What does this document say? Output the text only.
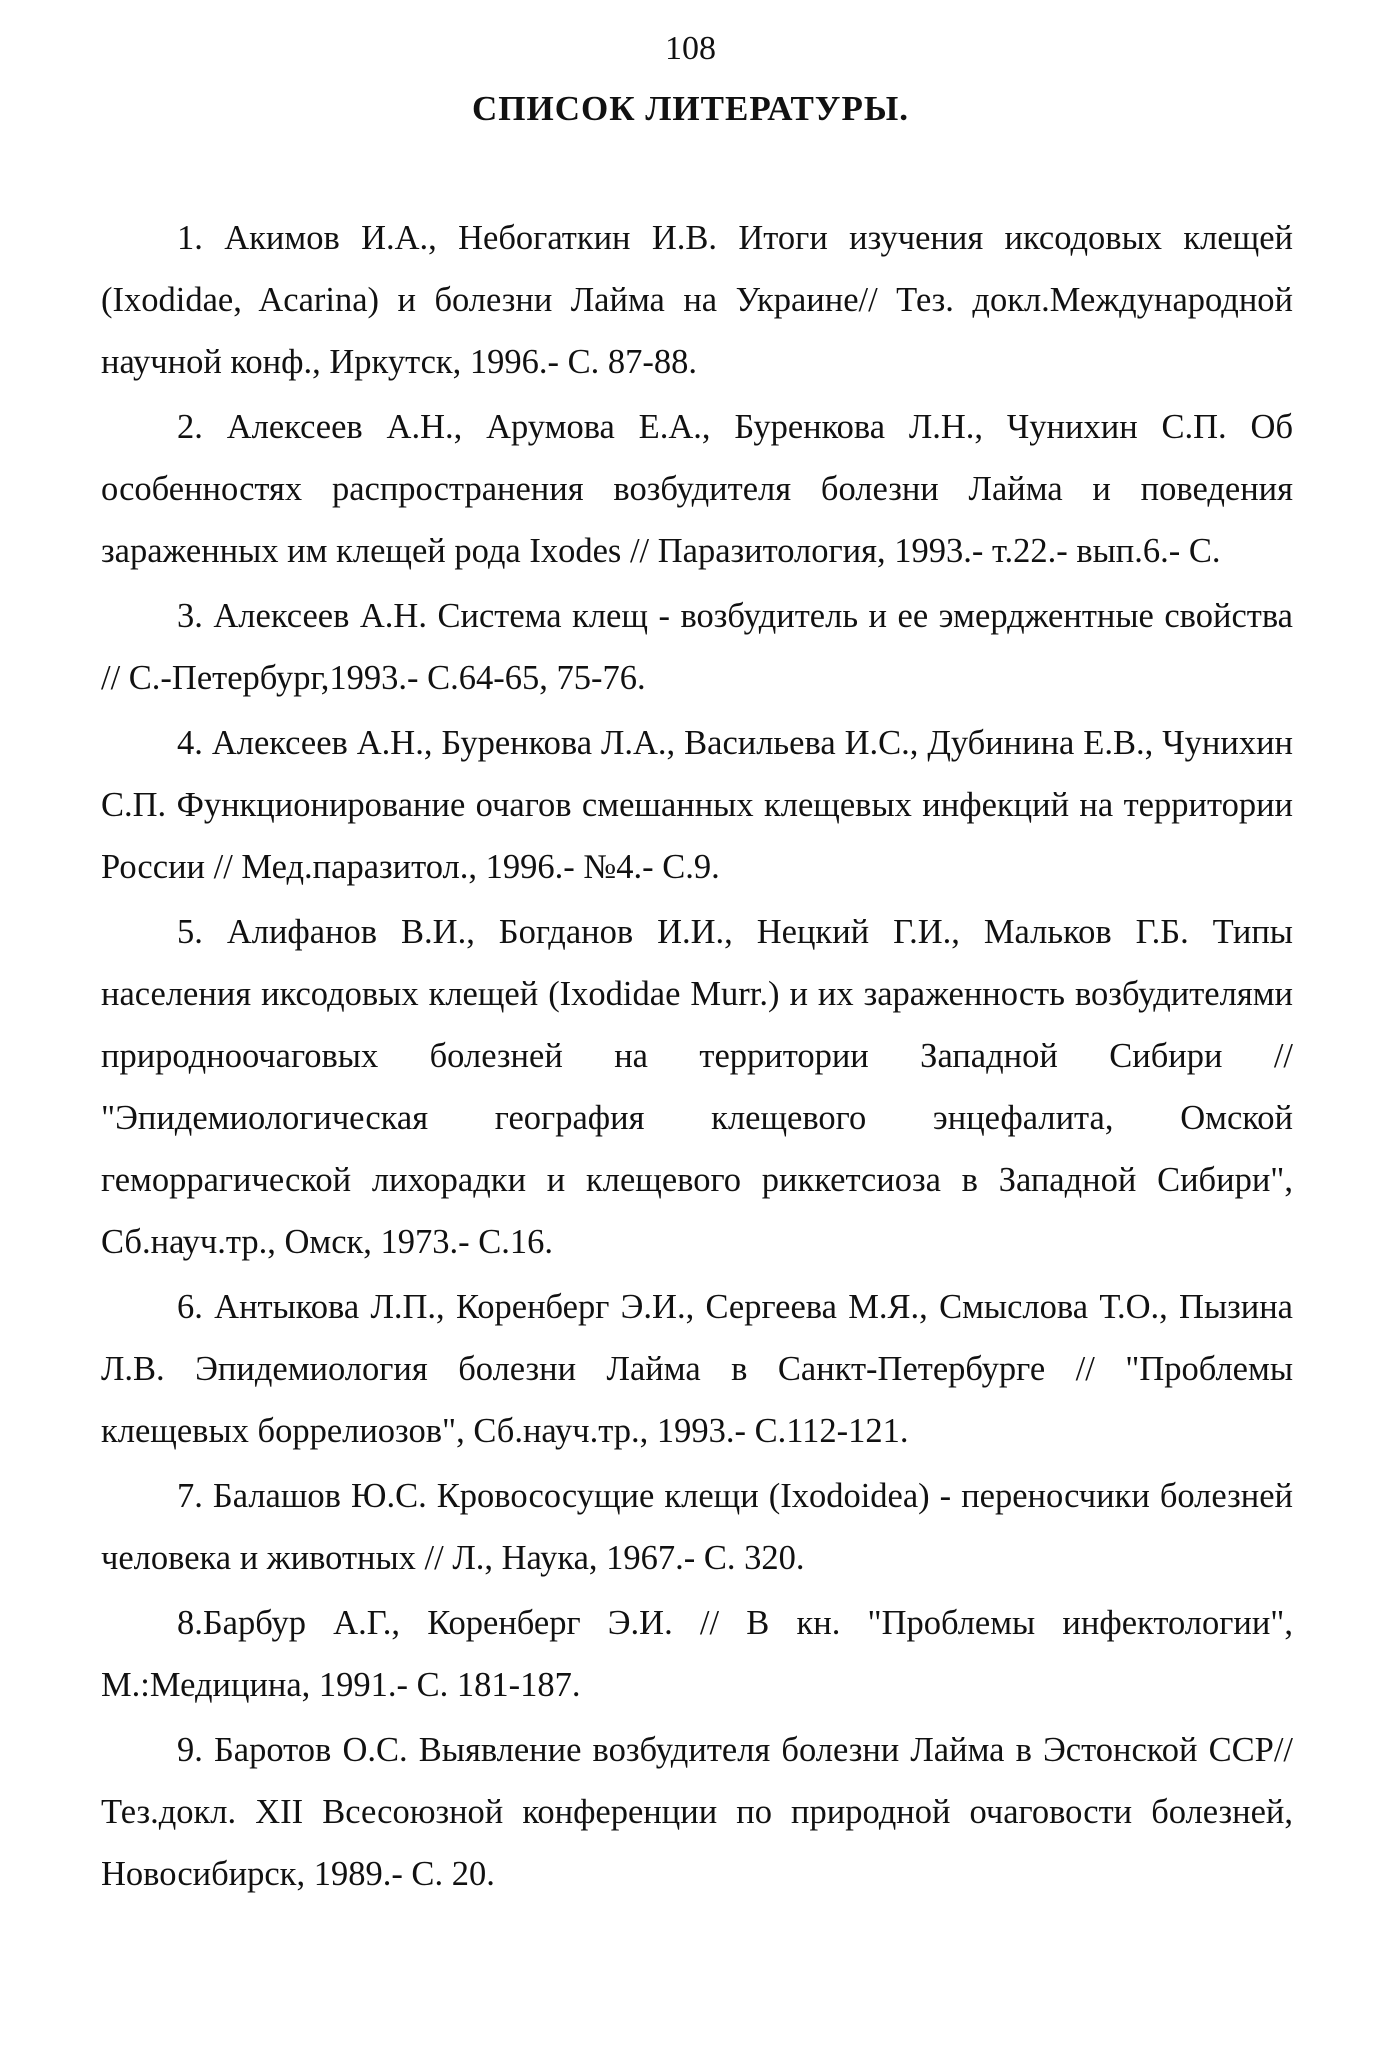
108
СПИСОК ЛИТЕРАТУРЫ.

1. Акимов И.А., Небогаткин И.В. Итоги изучения иксодовых клещей (Ixodidae, Acarina) и болезни Лайма на Украине// Тез. докл.Международной научной конф., Иркутск, 1996.- С. 87-88.

2. Алексеев А.Н., Арумова Е.А., Буренкова Л.Н., Чунихин С.П. Об особенностях распространения возбудителя болезни Лайма и поведения зараженных им клещей рода Ixodes // Паразитология, 1993.- т.22.- вып.6.- С.

3. Алексеев А.Н. Система клещ - возбудитель и ее эмерджентные свойства // С.-Петербург,1993.- С.64-65, 75-76.

4. Алексеев А.Н., Буренкова Л.А., Васильева И.С., Дубинина Е.В., Чунихин С.П. Функционирование очагов смешанных клещевых инфекций на территории России // Мед.паразитол., 1996.- №4.- С.9.

5. Алифанов В.И., Богданов И.И., Нецкий Г.И., Мальков Г.Б. Типы населения иксодовых клещей (Ixodidae Murr.) и их зараженность возбудителями природноочаговых болезней на территории Западной Сибири // "Эпидемиологическая география клещевого энцефалита, Омской геморрагической лихорадки и клещевого риккетсиоза в Западной Сибири", Сб.науч.тр., Омск, 1973.- С.16.

6. Антыкова Л.П., Коренберг Э.И., Сергеева М.Я., Смыслова Т.О., Пызина Л.В. Эпидемиология болезни Лайма в Санкт-Петербурге // "Проблемы клещевых боррелиозов", Сб.науч.тр., 1993.- С.112-121.

7. Балашов Ю.С. Кровососущие клещи (Ixodoidea) - переносчики болезней человека и животных // Л., Наука, 1967.- С. 320.

8.Барбур А.Г., Коренберг Э.И. // В кн. "Проблемы инфектологии", М.:Медицина, 1991.- С. 181-187.

9. Баротов О.С. Выявление возбудителя болезни Лайма в Эстонской ССР// Тез.докл. XII Всесоюзной конференции по природной очаговости болезней, Новосибирск, 1989.- С. 20.
